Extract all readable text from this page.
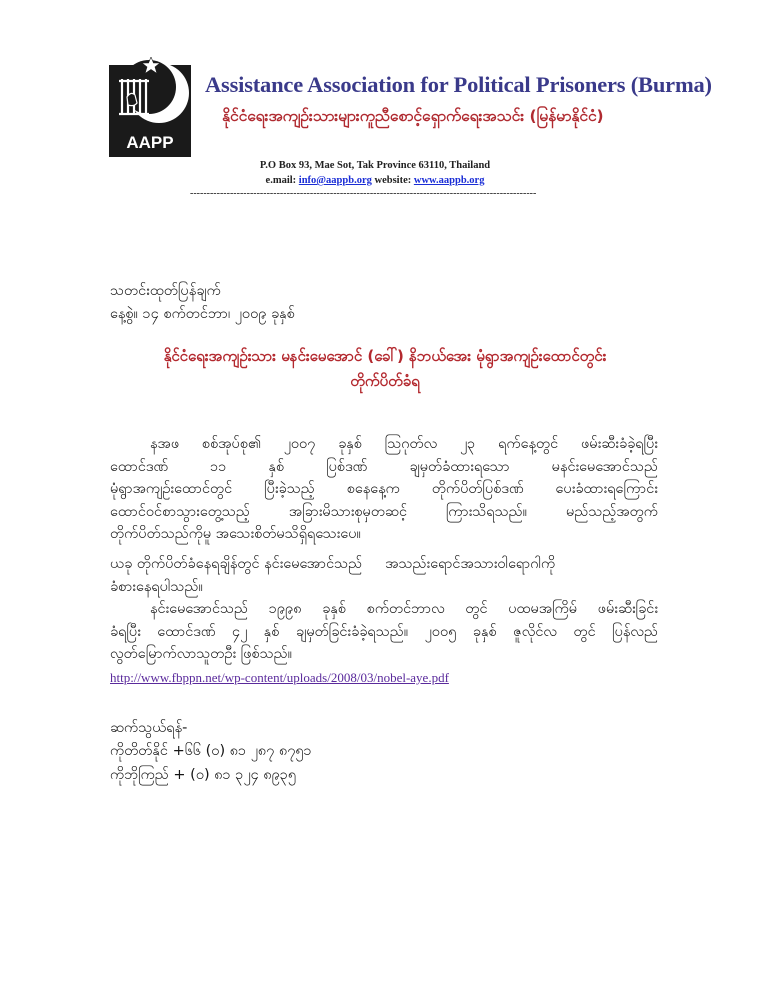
AAPP
Assistance Association for Political Prisoners (Burma)
နိုင်ငံရေးအကျဉ်းသားများကူညီစောင့်ရှောက်ရေးအသင်း (မြန်မာနိုင်ငံ)
P.O Box 93, Mae Sot, Tak Province 63110, Thailand
e.mail: info@aappb.org website: www.aappb.org
--------------------------------------------------------------------------------------------------------
သတင်းထုတ်ပြန်ချက်
နေ့စွဲ။ ၁၄ စက်တင်ဘာ၊ ၂၀၀၉ ခုနှစ်
နိုင်ငံရေးအကျဉ်းသား မနင်းမေအောင် (ခေါ်) နိဘယ်အေး မုံရွာအကျဉ်းထောင်တွင်း
တိုက်ပိတ်ခံရ
နအဖ စစ်အုပ်စု၏ ၂၀၀၇ ခုနှစ် ဩဂုတ်လ ၂၃ ရက်နေ့တွင် ဖမ်းဆီးခံခဲ့ရပြီး
ထောင်ဒဏ် ၁၁ နှစ် ပြစ်ဒဏ် ချမှတ်ခံထားရသော မနင်းမေအောင်သည်
မုံရွာအကျဉ်းထောင်တွင် ပြီးခဲ့သည့် စနေနေ့က တိုက်ပိတ်ပြစ်ဒဏ် ပေးခံထားရကြောင်း
ထောင်ဝင်စာသွားတွေ့သည့် အခြားမိသားစုမှတဆင့် ကြားသိရသည်။ မည်သည့်အတွက်
တိုက်ပိတ်သည်ကိုမူ အသေးစိတ်မသိရှိရသေးပေ။
ယခု တိုက်ပိတ်ခံနေရချိန်တွင် နင်းမေအောင်သည်     အသည်းရောင်အသားဝါရောဂါကို
ခံစားနေရပါသည်။
နင်းမေအောင်သည် ၁၉၉၈ ခုနှစ် စက်တင်ဘာလ တွင် ပထမအကြိမ် ဖမ်းဆီးခြင်း
ခံရပြီး ထောင်ဒဏ် ၄၂ နှစ် ချမှတ်ခြင်းခံခဲ့ရသည်။ ၂၀၀၅ ခုနှစ် ဇူလိုင်လ တွင် ပြန်လည်
လွတ်မြောက်လာသူတဦး ဖြစ်သည်။
http://www.fbppn.net/wp-content/uploads/2008/03/nobel-aye.pdf
ဆက်သွယ်ရန်-
ကိုတိတ်နိုင် +၆၆ (၀) ၈၁ ၂၈၇ ၈၇၅၁
ကိုဘိုကြည် + (၀) ၈၁ ၃၂၄ ၈၉၃၅
